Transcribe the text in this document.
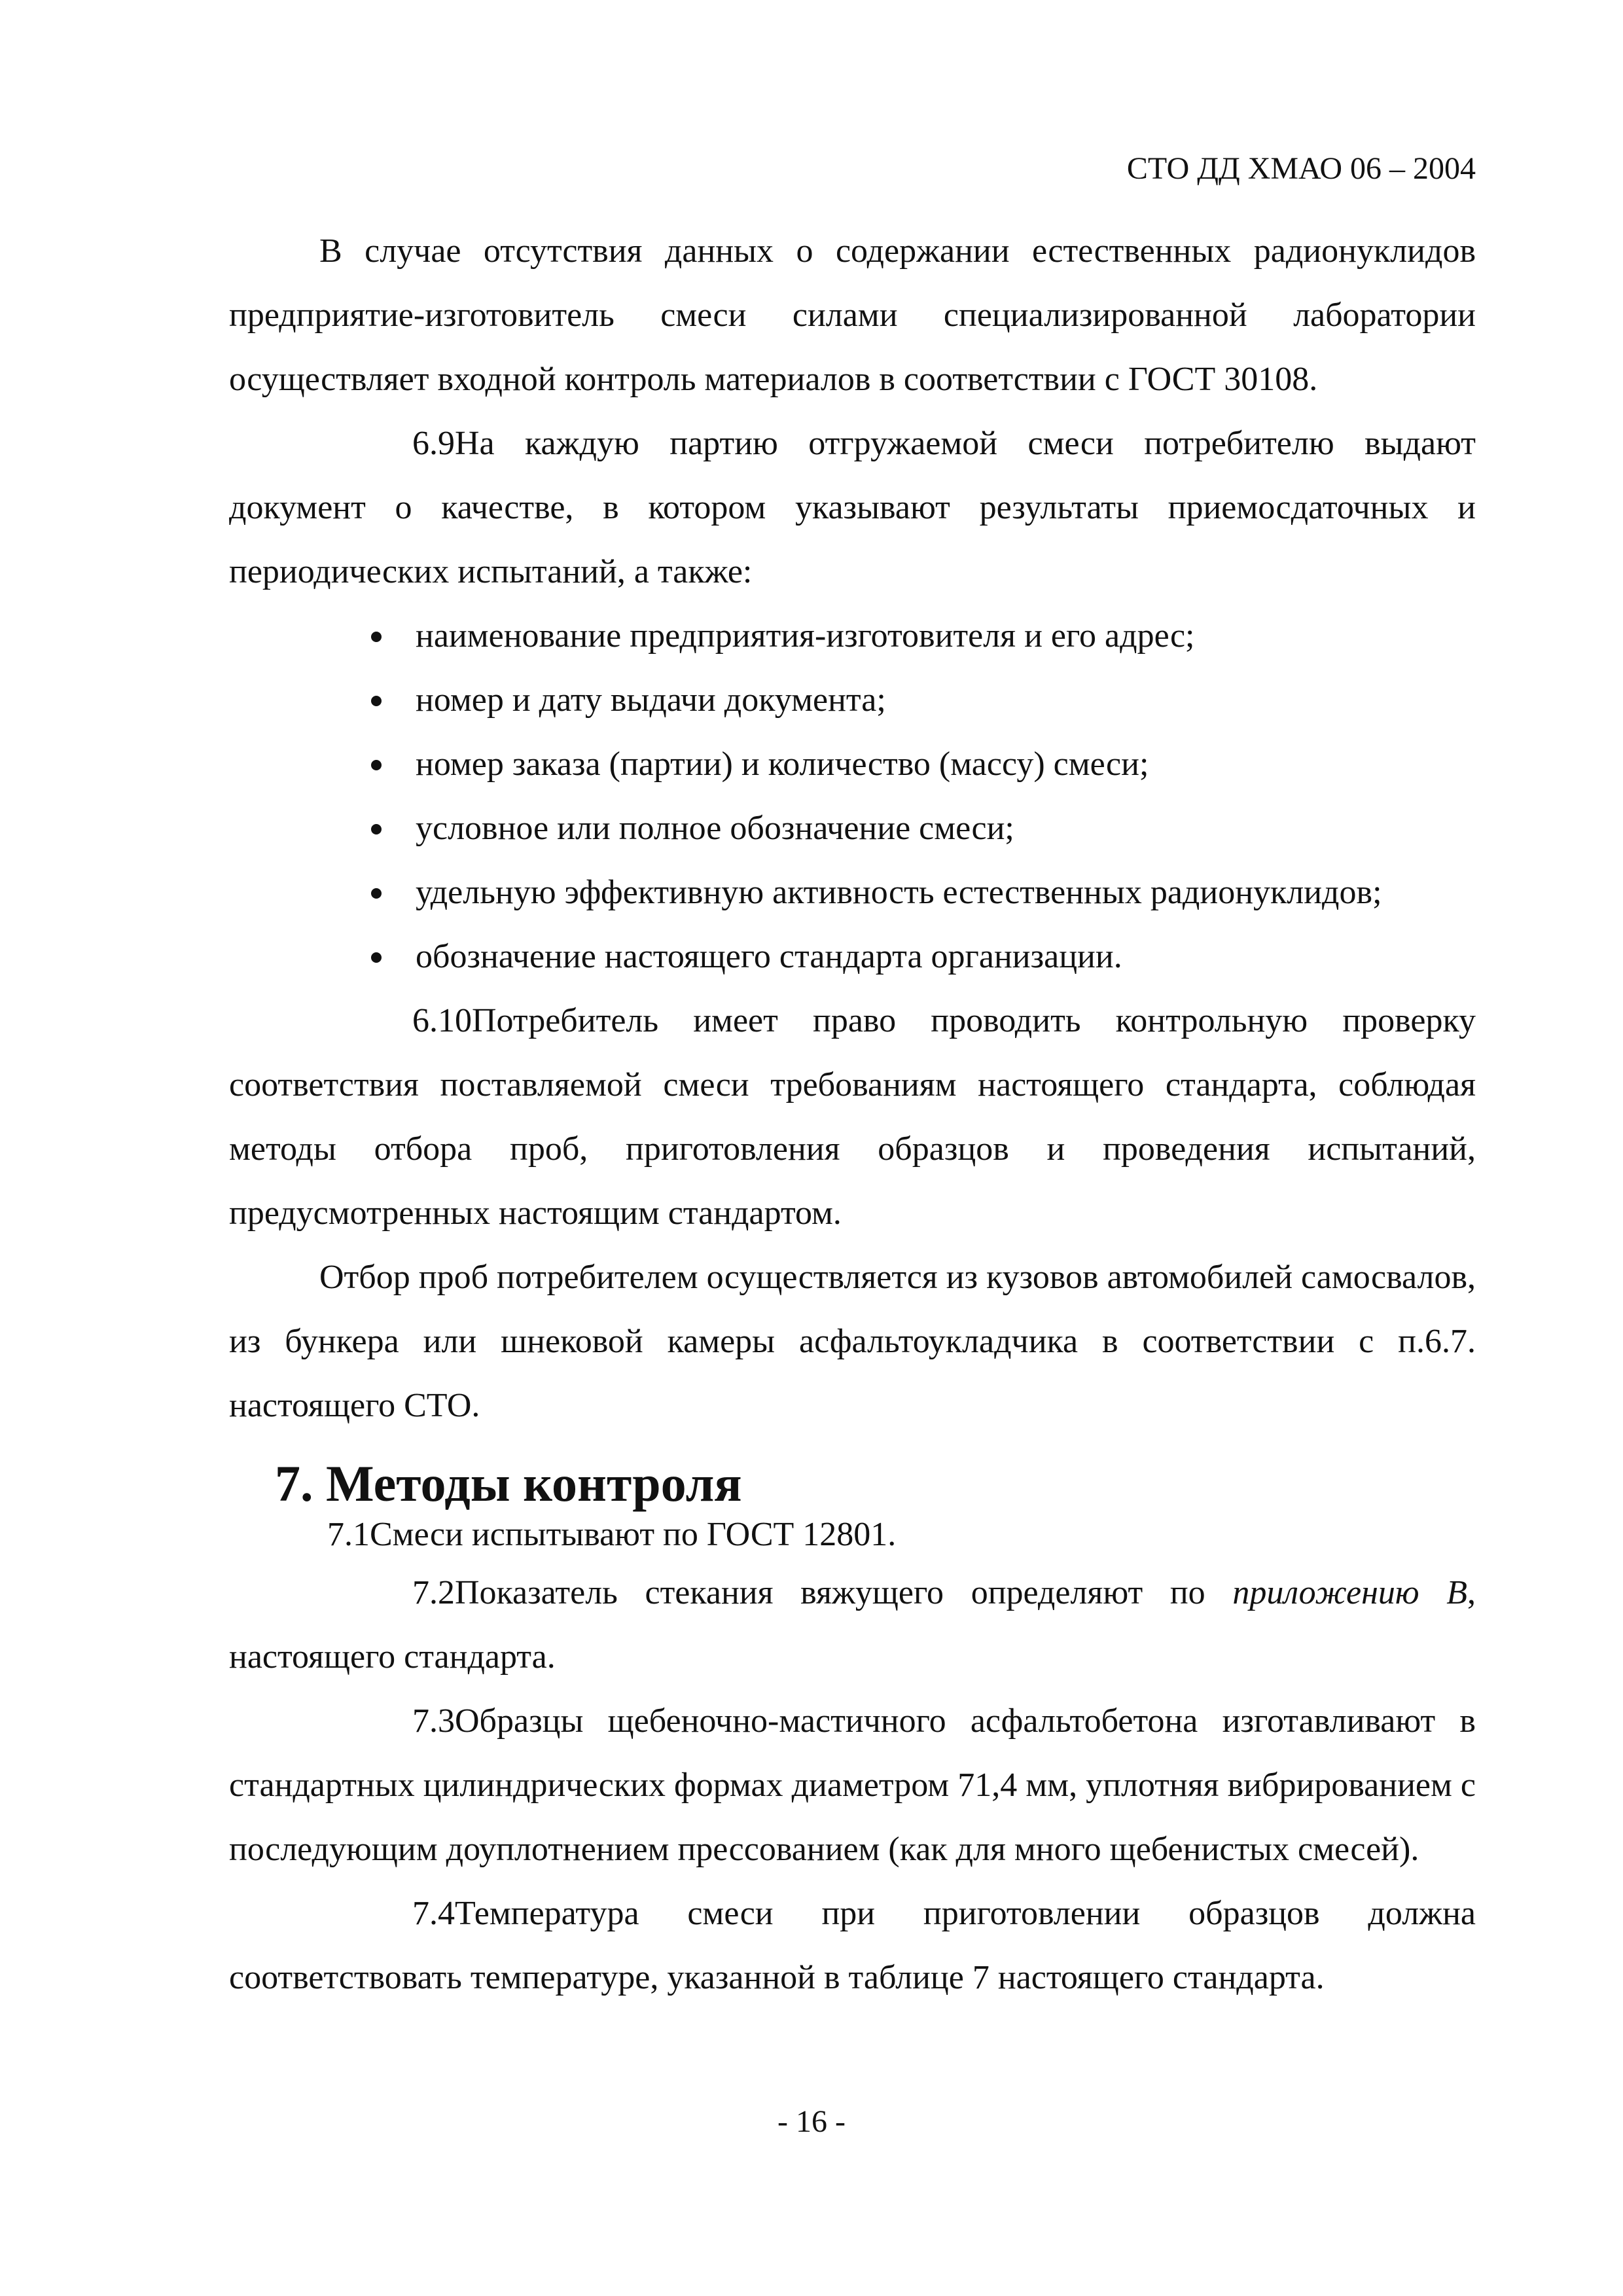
СТО ДД ХМАО 06 – 2004

В случае отсутствия данных о содержании естественных радионуклидов предприятие-изготовитель смеси силами специализированной лаборатории осуществляет входной контроль материалов в соответствии с ГОСТ 30108.

6.9На каждую партию отгружаемой смеси потребителю выдают документ о качестве, в котором указывают результаты приемосдаточных и периодических испытаний, а также:

наименование предприятия-изготовителя и его адрес;
номер и дату выдачи документа;
номер заказа (партии) и количество (массу) смеси;
условное или полное обозначение смеси;
удельную эффективную активность естественных радионуклидов;
обозначение настоящего стандарта организации.

6.10Потребитель имеет право проводить контрольную проверку соответствия поставляемой смеси требованиям настоящего стандарта, соблюдая методы отбора проб, приготовления образцов и проведения испытаний, предусмотренных настоящим стандартом.

Отбор проб потребителем осуществляется из кузовов автомобилей самосвалов, из бункера или шнековой камеры асфальтоукладчика в соответствии с п.6.7. настоящего СТО.

7. Методы контроля

7.1Смеси испытывают по ГОСТ 12801.

7.2Показатель стекания вяжущего определяют по приложению В, настоящего стандарта.

7.3Образцы щебеночно-мастичного асфальтобетона изготавливают в стандартных цилиндрических формах диаметром 71,4 мм, уплотняя вибрированием с последующим доуплотнением прессованием (как для много щебенистых смесей).

7.4Температура смеси при приготовлении образцов должна соответствовать температуре, указанной в таблице 7 настоящего стандарта.

- 16 -
